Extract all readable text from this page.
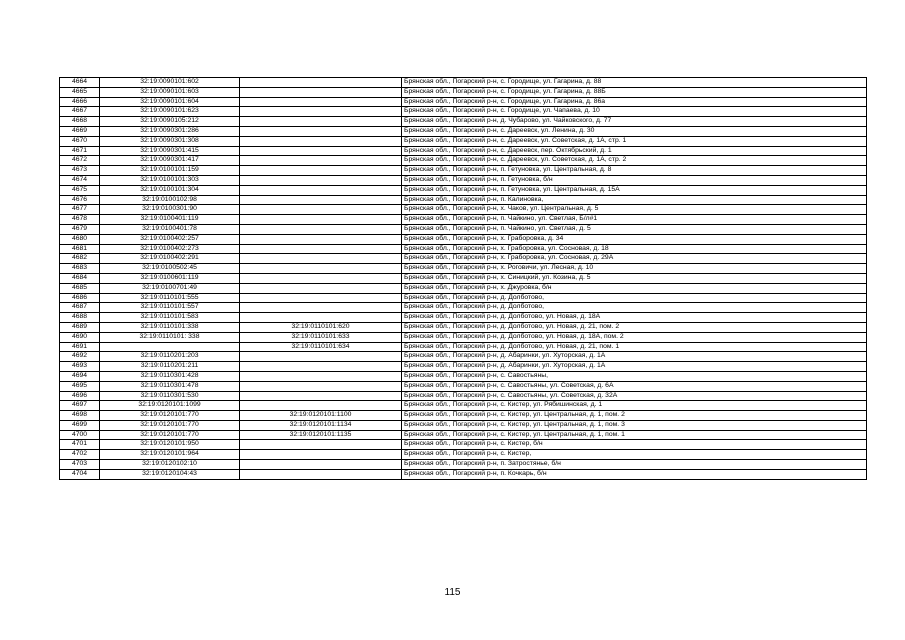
4664	32:19:0090101:602		Брянская обл., Погарский р-н, с. Городище, ул. Гагарина, д. 88
4665	32:19:0090101:603		Брянская обл., Погарский р-н, с. Городище, ул. Гагарина, д. 88Б
4666	32:19:0090101:604		Брянская обл., Погарский р-н, с. Городище, ул. Гагарина, д. 86а
4667	32:19:0090101:623		Брянская обл., Погарский р-н, с. Городище, ул. Чапаева, д. 10
4668	32:19:0090105:212		Брянская обл., Погарский р-н, д. Чубарово, ул. Чайковского, д. 77
4669	32:19:0090301:286		Брянская обл., Погарский р-н, с. Дареевск, ул. Ленина, д. 30
4670	32:19:0090301:308		Брянская обл., Погарский р-н, с. Дареевск, ул. Советская, д. 1А, стр. 1
4671	32:19:0090301:415		Брянская обл., Погарский р-н, с. Дареевск, пер. Октябрьский, д. 1
4672	32:19:0090301:417		Брянская обл., Погарский р-н, с. Дареевск, ул. Советская, д. 1А, стр. 2
4673	32:19:0100101:159		Брянская обл., Погарский р-н, п. Гетуновка, ул. Центральная, д. 8
4674	32:19:0100101:303		Брянская обл., Погарский р-н, п. Гетуновка, б/н
4675	32:19:0100101:304		Брянская обл., Погарский р-н, п. Гетуновка, ул. Центральная, д. 15А
4676	32:19:0100102:98		Брянская обл., Погарский р-н, п. Калиновка,
4677	32:19:0100301:90		Брянская обл., Погарский р-н, х. Чаков, ул. Центральная, д. 5
4678	32:19:0100401:119		Брянская обл., Погарский р-н, п. Чайкино, ул. Светлая, Б/л#1
4679	32:19:0100401:78		Брянская обл., Погарский р-н, п. Чайкино, ул. Светлая, д. 5
4680	32:19:0100402:257		Брянская обл., Погарский р-н, х. Граборовка, д. 34
4681	32:19:0100402:273		Брянская обл., Погарский р-н, х. Граборовка, ул. Сосновая, д. 18
4682	32:19:0100402:291		Брянская обл., Погарский р-н, х. Граборовка, ул. Сосновая, д. 29А
4683	32:19:0100502:45		Брянская обл., Погарский р-н, х. Роговичи, ул. Лесная, д. 10
4684	32:19:0100601:119		Брянская обл., Погарский р-н, х. Синицкий, ул. Козина, д. 5
4685	32:19:0100701:49		Брянская обл., Погарский р-н, х. Джуровка, б/н
4686	32:19:0110101:555		Брянская обл., Погарский р-н, д. Долботово,
4687	32:19:0110101:557		Брянская обл., Погарский р-н, д. Долботово,
4688	32:19:0110101:583		Брянская обл., Погарский р-н, д. Долботово, ул. Новая, д. 18А
4689	32:19:0110101:338	32:19:0110101:620	Брянская обл., Погарский р-н, д. Долботово, ул. Новая, д. 21, пом. 2
4690	32:19:0110101: 338	32:19:0110101:633	Брянская обл., Погарский р-н, д. Долботово, ул. Новая, д. 18А, пом. 2
4691		32:19:0110101:634	Брянская обл., Погарский р-н, д. Долботово, ул. Новая, д. 21, пом. 1
4692	32:19:0110201:203		Брянская обл., Погарский р-н, д. Абаринки, ул. Хуторская, д. 1А
4693	32:19:0110201:211		Брянская обл., Погарский р-н, д. Абаринки, ул. Хуторская, д. 1А
4694	32:19:0110301:428		Брянская обл., Погарский р-н, с. Савостьяны,
4695	32:19:0110301:478		Брянская обл., Погарский р-н, с. Савостьяны, ул. Советская, д. 6А
4696	32:19:0110301:530		Брянская обл., Погарский р-н, с. Савостьяны, ул. Советская, д. 32А
4697	32:19:0120101:1099		Брянская обл., Погарский р-н, с. Кистер, ул. Рябишинская, д. 1
4698	32:19:0120101:770	32:19:0120101:1100	Брянская обл., Погарский р-н, с. Кистер, ул. Центральная, д. 1, пом. 2
4699	32:19:0120101:770	32:19:0120101:1134	Брянская обл., Погарский р-н, с. Кистер, ул. Центральная, д. 1, пом. 3
4700	32:19:0120101:770	32:19:0120101:1135	Брянская обл., Погарский р-н, с. Кистер, ул. Центральная, д. 1, пом. 1
4701	32:19:0120101:950		Брянская обл., Погарский р-н, с. Кистер, б/н
4702	32:19:0120101:964		Брянская обл., Погарский р-н, с. Кистер,
4703	32:19:0120102:10		Брянская обл., Погарский р-н, п. Затростянье, б/н
4704	32:19:0120104:43		Брянская обл., Погарский р-н, п. Кочкарь, б/н
115
